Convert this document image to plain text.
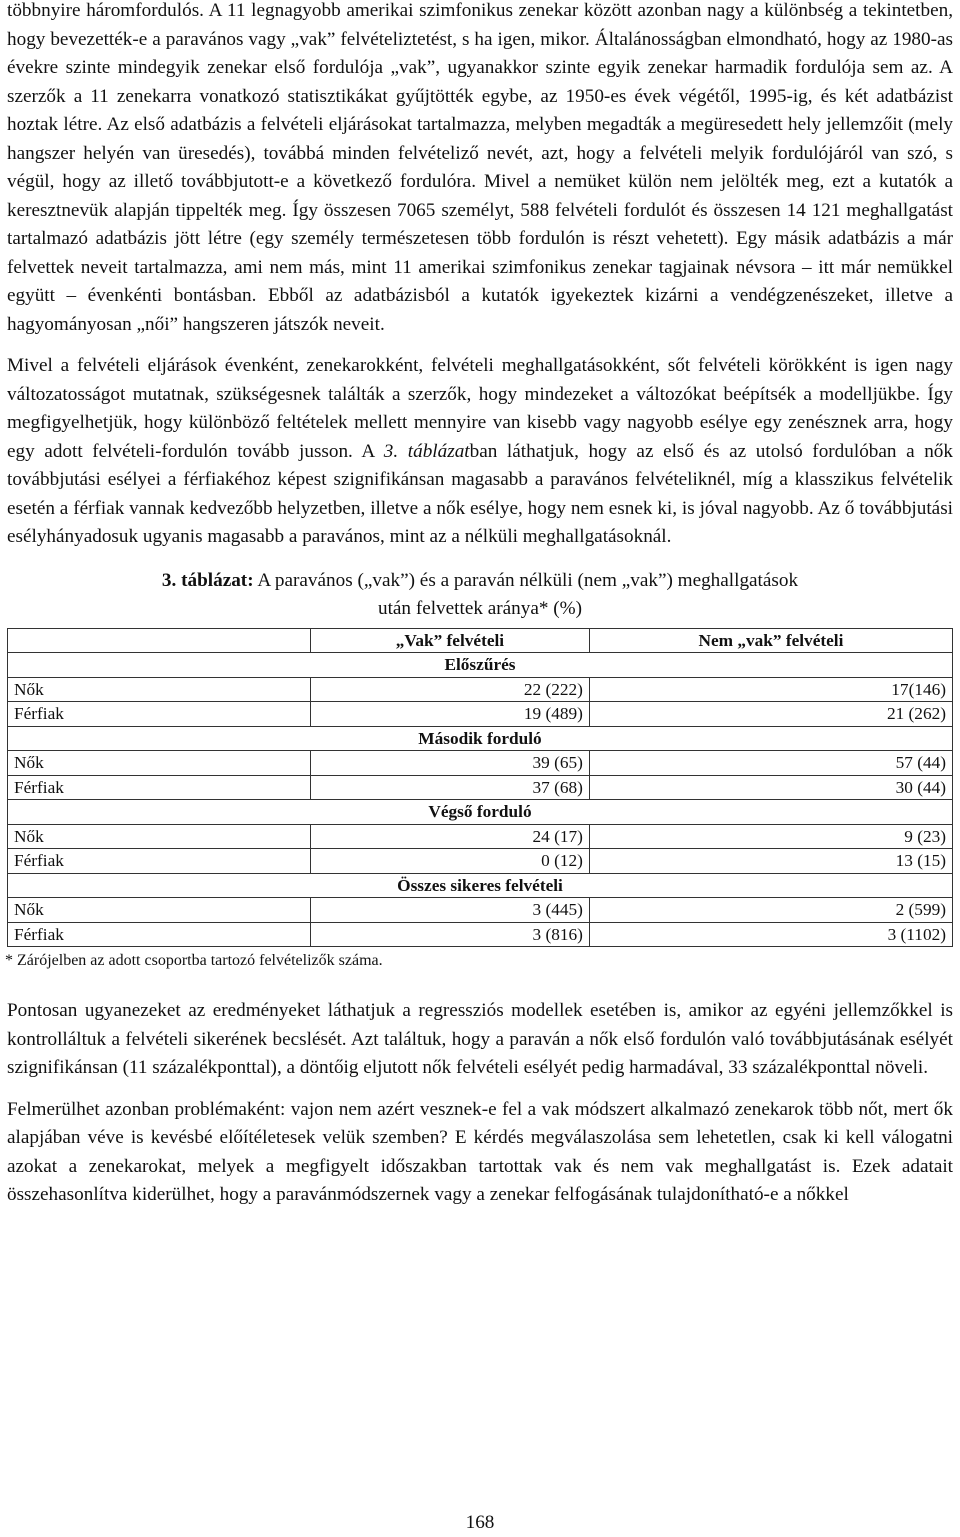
többnyire háromfordulós. A 11 legnagyobb amerikai szimfonikus zenekar között azonban nagy a különbség a tekintetben, hogy bevezették-e a paravános vagy „vak” felvételiztetést, s ha igen, mikor. Általánosságban elmondható, hogy az 1980-as évekre szinte mindegyik zenekar első fordulója „vak”, ugyanakkor szinte egyik zenekar harmadik fordulója sem az. A szerzők a 11 zenekarra vonatkozó statisztikákat gyűjtötték egybe, az 1950-es évek végétől, 1995-ig, és két adatbázist hoztak létre. Az első adatbázis a felvételi eljárásokat tartalmazza, melyben megadták a megüresedett hely jellemzőit (mely hangszer helyén van üresedés), továbbá minden felvételiző nevét, azt, hogy a felvételi melyik fordulójáról van szó, s végül, hogy az illető továbbjutott-e a következő fordulóra. Mivel a nemüket külön nem jelölték meg, ezt a kutatók a keresztnevük alapján tippelték meg. Így összesen 7065 személyt, 588 felvételi fordulót és összesen 14 121 meghallgatást tartalmazó adatbázis jött létre (egy személy természetesen több fordulón is részt vehetett). Egy másik adatbázis a már felvettek neveit tartalmazza, ami nem más, mint 11 amerikai szimfonikus zenekar tagjainak névsora – itt már nemükkel együtt – évenkénti bontásban. Ebből az adatbázisból a kutatók igyekeztek kizárni a vendégzenészeket, illetve a hagyományosan „női” hangszeren játszók neveit.

Mivel a felvételi eljárások évenként, zenekarokként, felvételi meghallgatásokként, sőt felvételi körökként is igen nagy változatosságot mutatnak, szükségesnek találták a szerzők, hogy mindezeket a változókat beépítsék a modelljükbe. Így megfigyelhetjük, hogy különböző feltételek mellett mennyire van kisebb vagy nagyobb esélye egy zenésznek arra, hogy egy adott felvételi-fordulón tovább jusson. A 3. táblázatban láthatjuk, hogy az első és az utolsó fordulóban a nők továbbjutási esélyei a férfiakéhoz képest szignifikánsan magasabb a paravános felvételiknél, míg a klasszikus felvételik esetén a férfiak vannak kedvezőbb helyzetben, illetve a nők esélye, hogy nem esnek ki, is jóval nagyobb. Az ő továbbjutási esélyhányadosuk ugyanis magasabb a paravános, mint az a nélküli meghallgatásoknál.

3. táblázat: A paravános („vak”) és a paraván nélküli (nem „vak”) meghallgatások
után felvettek aránya* (%)
	„Vak” felvételi	Nem „vak” felvételi
Előszűrés		
Nők	22 (222)	17(146)
Férfiak	19 (489)	21 (262)
Második forduló		
Nők	39 (65)	57 (44)
Férfiak	37 (68)	30 (44)
Végső forduló		
Nők	24 (17)	9 (23)
Férfiak	0 (12)	13 (15)
Összes sikeres felvételi		
Nők	3 (445)	2 (599)
Férfiak	3 (816)	3 (1102)

* Zárójelben az adott csoportba tartozó felvételizők száma.

Pontosan ugyanezeket az eredményeket láthatjuk a regressziós modellek esetében is, amikor az egyéni jellemzőkkel is kontrolláltuk a felvételi sikerének becslését. Azt találtuk, hogy a paraván a nők első fordulón való továbbjutásának esélyét szignifikánsan (11 százalékponttal), a döntőig eljutott nők felvételi esélyét pedig harmadával, 33 százalékponttal növeli.

Felmerülhet azonban problémaként: vajon nem azért vesznek-e fel a vak módszert alkalmazó zenekarok több nőt, mert ők alapjában véve is kevésbé előítéletesek velük szemben? E kérdés megválaszolása sem lehetetlen, csak ki kell válogatni azokat a zenekarokat, melyek a megfigyelt időszakban tartottak vak és nem vak meghallgatást is. Ezek adatait összehasonlítva kiderülhet, hogy a paravánmódszernek vagy a zenekar felfogásának tulajdonítható-e a nőkkel

168
